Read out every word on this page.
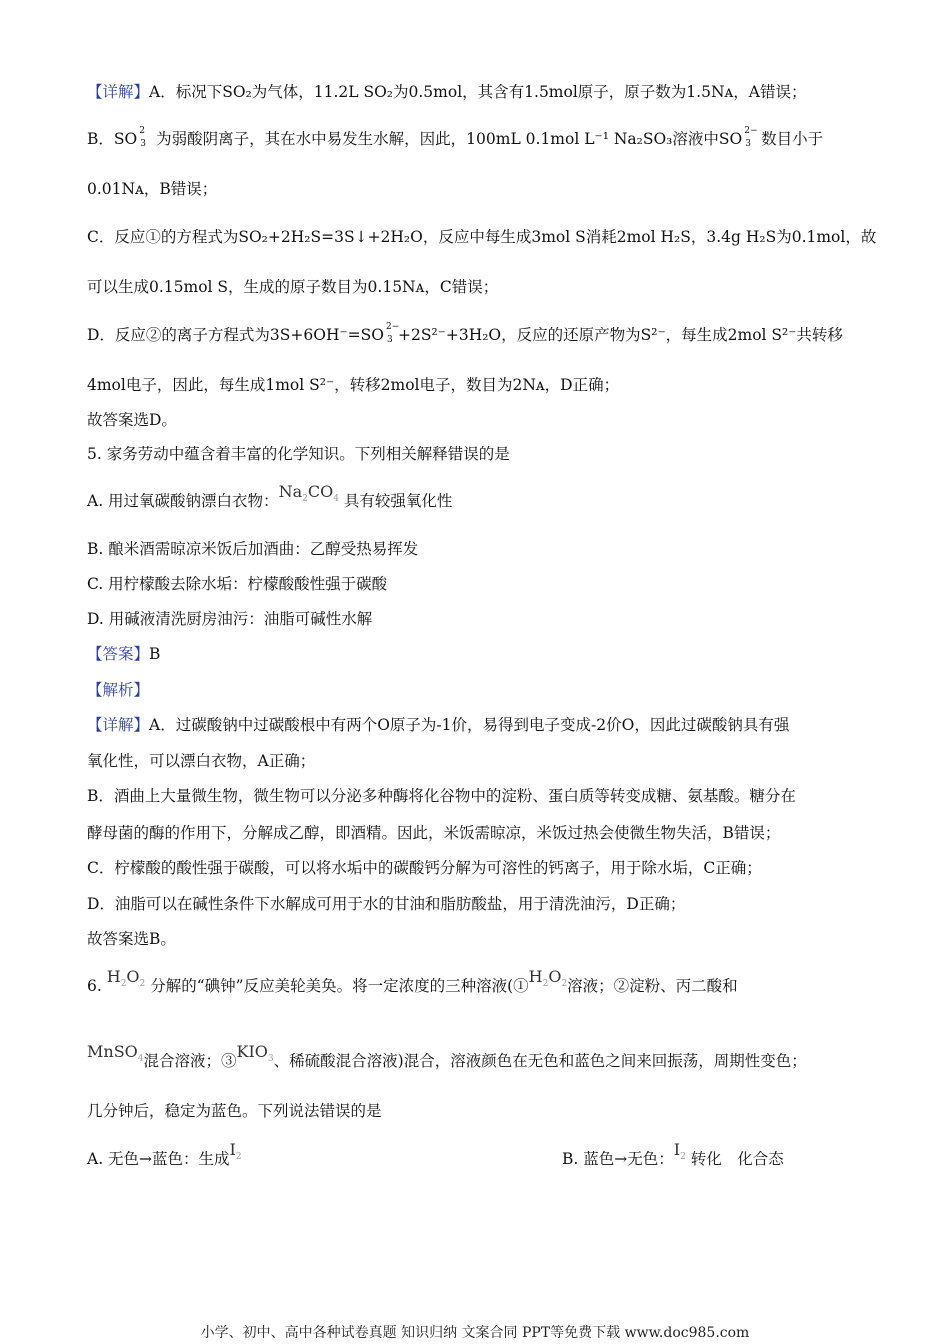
【详解】A．标况下SO₂为气体，11.2L SO₂为0.5mol，其含有1.5mol原子，原子数为1.5Nᴀ，A错误；
B．SO 2
3 为弱酸阴离子，其在水中易发生水解，因此，100mL 0.1mol L⁻¹ Na₂SO₃溶液中SO 2−
3 数目小于
0.01Nᴀ，B错误；
C．反应①的方程式为SO₂+2H₂S=3S↓+2H₂O，反应中每生成3mol S消耗2mol H₂S，3.4g H₂S为0.1mol，故
可以生成0.15mol S，生成的原子数目为0.15Nᴀ，C错误；
D．反应②的离子方程式为3S+6OH⁻=SO 2−
3 +2S²⁻+3H₂O，反应的还原产物为S²⁻，每生成2mol S²⁻共转移
4mol电子，因此，每生成1mol S²⁻，转移2mol电子，数目为2Nᴀ，D正确；
故答案选D。
5. 家务劳动中蕴含着丰富的化学知识。下列相关解释错误的是
A. 用过氧碳酸钠漂白衣物：$Na_2CO_4$ 具有较强氧化性
B. 酿米酒需晾凉米饭后加酒曲：乙醇受热易挥发
C. 用柠檬酸去除水垢：柠檬酸酸性强于碳酸
D. 用碱液清洗厨房油污：油脂可碱性水解
【答案】B
【解析】
【详解】A．过碳酸钠中过碳酸根中有两个O原子为-1价，易得到电子变成-2价O，因此过碳酸钠具有强
氧化性，可以漂白衣物，A正确；
B．酒曲上大量微生物，微生物可以分泌多种酶将化谷物中的淀粉、蛋白质等转变成糖、氨基酸。糖分在
酵母菌的酶的作用下，分解成乙醇，即酒精。因此，米饭需晾凉，米饭过热会使微生物失活，B错误；
C．柠檬酸的酸性强于碳酸，可以将水垢中的碳酸钙分解为可溶性的钙离子，用于除水垢，C正确；
D．油脂可以在碱性条件下水解成可用于水的甘油和脂肪酸盐，用于清洗油污，D正确；
故答案选B。
6. $H_2O_2$ 分解的“碘钟”反应美轮美奂。将一定浓度的三种溶液($①H_2O_2$溶液；②淀粉、丙二酸和
MnSO$_4$混合溶液；$③KIO_3$、稀硫酸混合溶液)混合，溶液颜色在无色和蓝色之间来回振荡，周期性变色；
几分钟后，稳定为蓝色。下列说法错误的是
A. 无色→蓝色：生成$I_2$	B. 蓝色→无色：$I_2$ 转化  化合态
小学、初中、高中各种试卷真题 知识归纳 文案合同 PPT等免费下载 www.doc985.com
